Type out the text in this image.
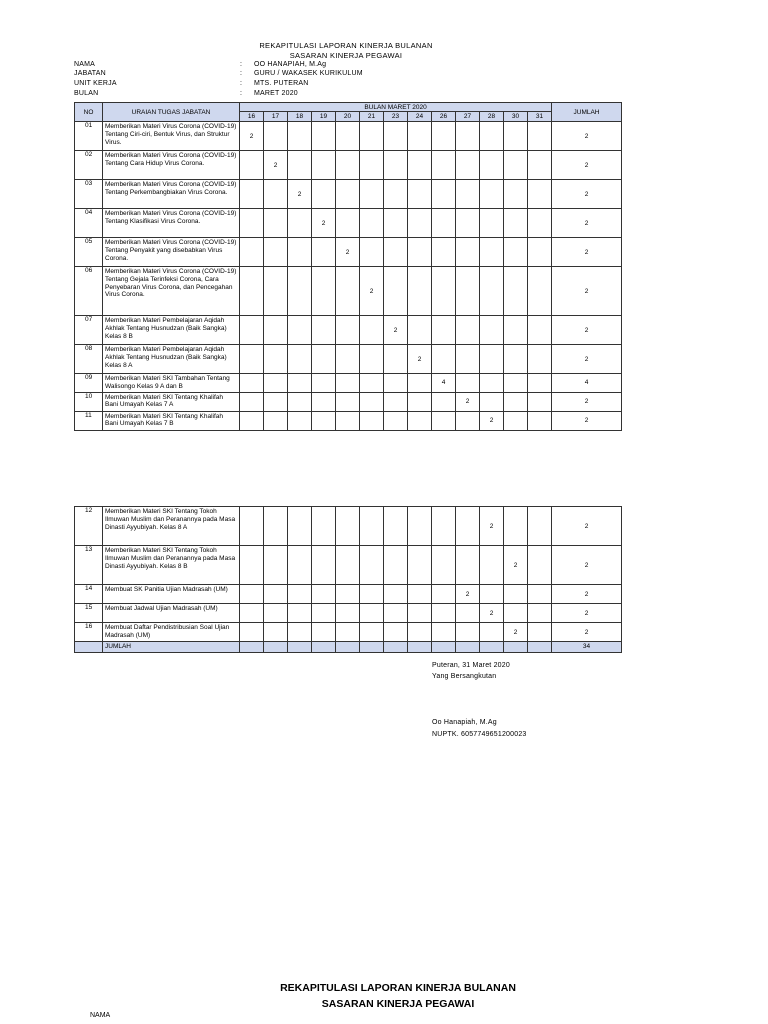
REKAPITULASI LAPORAN KINERJA BULANAN
SASARAN KINERJA PEGAWAI
NAMA	: OO HANAPIAH, M.Ag
JABATAN	: GURU / WAKASEK KURIKULUM
UNIT KERJA	: MTS. PUTERAN
BULAN	: MARET 2020
NO	URAIAN TUGAS JABATAN	BULAN MARET 2020													JUMLAH
		16	17	18	19	20	21	23	24	26	27	28	30	31	
01	Memberikan Materi Virus Corona (COVID-19) Tentang Ciri-ciri, Bentuk Virus, dan Struktur Virus.	2													2
02	Memberikan Materi Virus Corona (COVID-19) Tentang Cara Hidup Virus Corona.		2												2
03	Memberikan Materi Virus Corona (COVID-19) Tentang Perkembangbiakan Virus Corona.			2											2
04	Memberikan Materi Virus Corona (COVID-19) Tentang Klasifikasi Virus Corona.				2										2
05	Memberikan Materi Virus Corona (COVID-19) Tentang Penyakit yang disebabkan Virus Corona.					2									2
06	Memberikan Materi Virus Corona (COVID-19) Tentang Gejala Terinfeksi Corona, Cara Penyebaran Virus Corona, dan Pencegahan Virus Corona.						2								2
07	Memberikan Materi Pembelajaran Aqidah Akhlak Tentang Husnudzan (Baik Sangka) Kelas 8 B							2							2
08	Memberikan Materi Pembelajaran Aqidah Akhlak Tentang Husnudzan (Baik Sangka) Kelas 8 A								2						2
09	Memberikan Materi SKI Tambahan Tentang Walisongo Kelas 9 A dan B									4					4
10	Memberikan Materi SKI Tentang Khalifah Bani Umayah Kelas 7 A										2				2
11	Memberikan Materi SKI Tentang Khalifah Bani Umayah Kelas 7 B											2			2
12	Memberikan Materi SKI Tentang Tokoh Ilmuwan Muslim dan Peranannya pada Masa Dinasti Ayyubiyah. Kelas 8 A											2			2
13	Memberikan Materi SKI Tentang Tokoh Ilmuwan Muslim dan Peranannya pada Masa Dinasti Ayyubiyah. Kelas 8 B												2		2
14	Membuat SK Panitia Ujian Madrasah (UM)										2				2
15	Membuat Jadwal Ujian Madrasah (UM)											2			2
16	Membuat Daftar Pendistribusian Soal Ujian Madrasah (UM)												2		2
	JUMLAH														34
Puteran, 31 Maret 2020
Yang Bersangkutan
Oo Hanapiah, M.Ag
NUPTK. 6057749651200023
REKAPITULASI LAPORAN KINERJA BULANAN
SASARAN KINERJA PEGAWAI
NAMA
